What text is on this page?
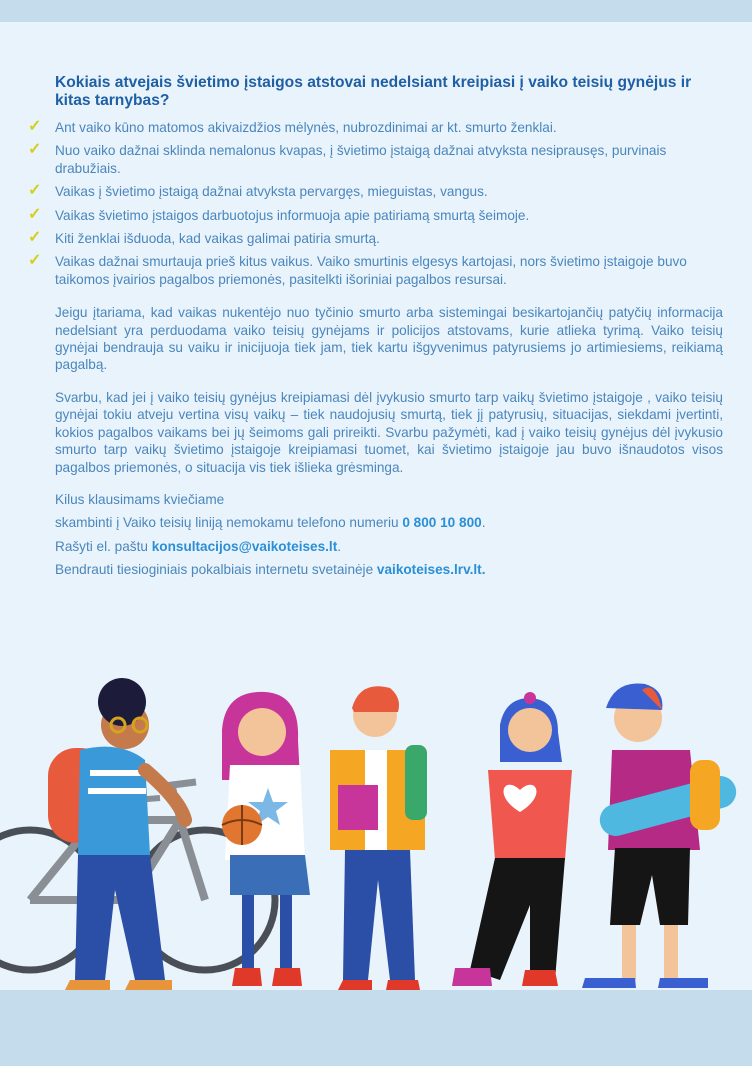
Kokiais atvejais švietimo įstaigos atstovai nedelsiant kreipiasi į vaiko teisių gynėjus ir kitas tarnybas?
✓ Ant vaiko kūno matomos akivaizdžios mėlynės, nubrozdinimai ar kt. smurto ženklai.
✓ Nuo vaiko dažnai sklinda nemalonus kvapas, į švietimo įstaigą dažnai atvyksta nesiprausęs, purvinais drabužiais.
✓ Vaikas į švietimo įstaigą dažnai atvyksta pervargęs, mieguistas, vangus.
✓ Vaikas švietimo įstaigos darbuotojus informuoja apie patiriamą smurtą šeimoje.
✓ Kiti ženklai išduoda, kad vaikas galimai patiria smurtą.
✓ Vaikas dažnai smurtauja prieš kitus vaikus. Vaiko smurtinis elgesys kartojasi, nors švietimo įstaigoje buvo taikomos įvairios pagalbos priemonės, pasitelkti išoriniai pagalbos resursai.

Jeigu įtariama, kad vaikas nukentėjo nuo tyčinio smurto arba sistemingai besikartojančių patyčių informacija nedelsiant yra perduodama vaiko teisių gynėjams ir policijos atstovams, kurie atlieka tyrimą. Vaiko teisių gynėjai bendrauja su vaiku ir inicijuoja tiek jam, tiek kartu išgyvenimus patyrusiems jo artimiesiems, reikiamą pagalbą.

Svarbu, kad jei į vaiko teisių gynėjus kreipiamasi dėl įvykusio smurto tarp vaikų švietimo įstaigoje , vaiko teisių gynėjai tokiu atveju vertina visų vaikų – tiek naudojusių smurtą, tiek jį patyrusių, situacijas, siekdami įvertinti, kokios pagalbos vaikams bei jų šeimoms gali prireikti. Svarbu pažymėti, kad į vaiko teisių gynėjus dėl įvykusio smurto tarp vaikų švietimo įstaigoje kreipiamasi tuomet, kai švietimo įstaigoje jau buvo išnaudotos visos pagalbos priemonės, o situacija vis tiek išlieka grėsminga.

Kilus klausimams kviečiame
skambinti į Vaiko teisių liniją nemokamu telefono numeriu 0 800 10 800.
Rašyti el. paštu konsultacijos@vaikoteises.lt.
Bendrauti tiesioginiais pokalbiais internetu svetainėje vaikoteises.lrv.lt.
